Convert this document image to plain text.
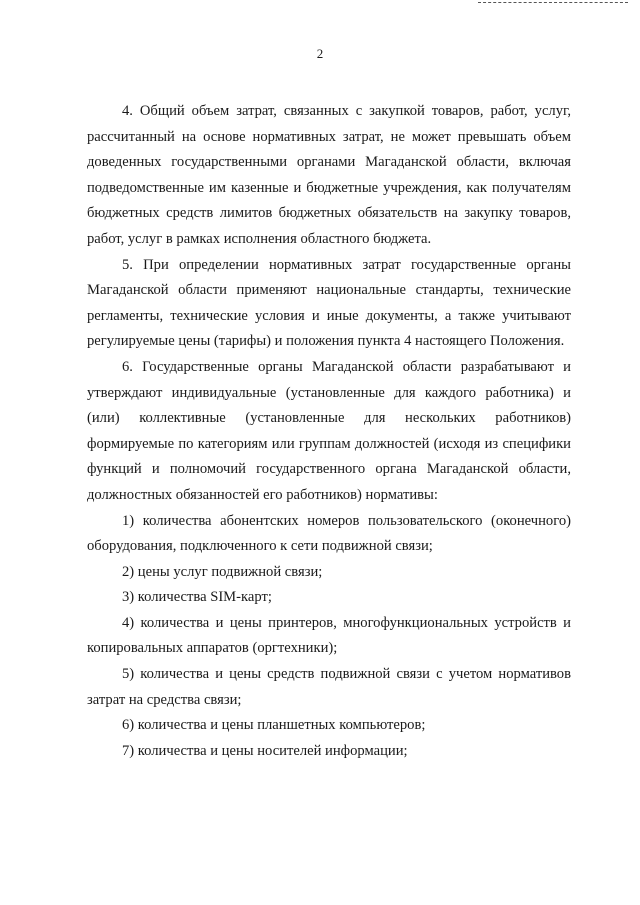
2

4. Общий объем затрат, связанных с закупкой товаров, работ, услуг, рассчитанный на основе нормативных затрат, не может превышать объем доведенных государственными органами Магаданской области, включая подведомственные им казенные и бюджетные учреждения, как получателям бюджетных средств лимитов бюджетных обязательств на закупку товаров, работ, услуг в рамках исполнения областного бюджета.

5. При определении нормативных затрат государственные органы Магаданской области применяют национальные стандарты, технические регламенты, технические условия и иные документы, а также учитывают регулируемые цены (тарифы) и положения пункта 4 настоящего Положения.

6. Государственные органы Магаданской области разрабатывают и утверждают индивидуальные (установленные для каждого работника) и (или) коллективные (установленные для нескольких работников) формируемые по категориям или группам должностей (исходя из специфики функций и полномочий государственного органа Магаданской области, должностных обязанностей его работников) нормативы:

1) количества абонентских номеров пользовательского (оконечного) оборудования, подключенного к сети подвижной связи;

2) цены услуг подвижной связи;

3) количества SIM-карт;

4) количества и цены принтеров, многофункциональных устройств и копировальных аппаратов (оргтехники);

5) количества и цены средств подвижной связи с учетом нормативов затрат на средства связи;

6) количества и цены планшетных компьютеров;

7) количества и цены носителей информации;
